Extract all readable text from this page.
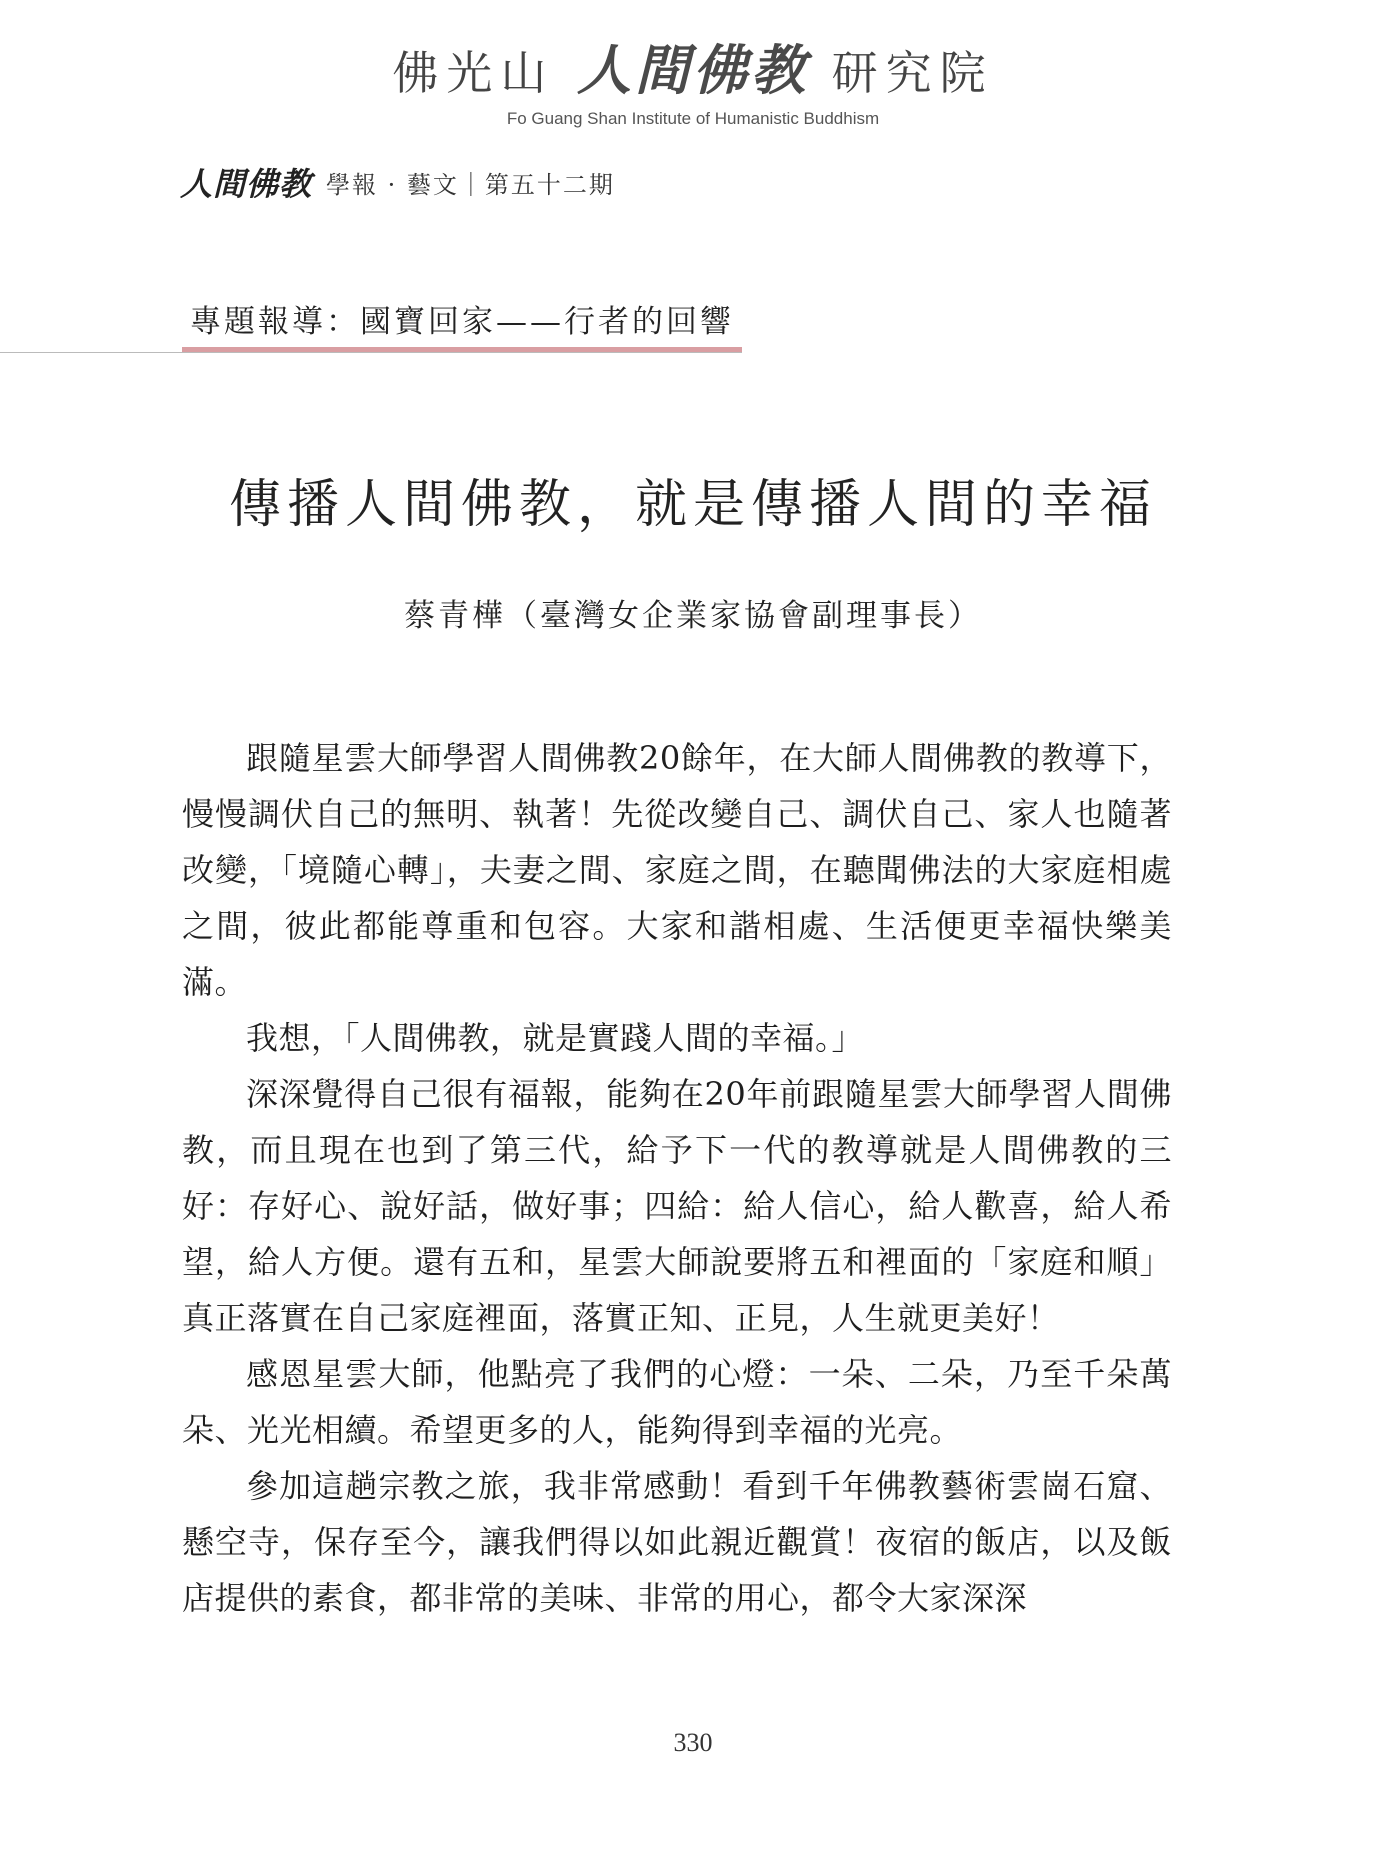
佛光山 人間佛教 研究院
Fo Guang Shan Institute of Humanistic Buddhism
人間佛教 學報 · 藝文｜第五十二期
專題報導：國寶回家——行者的回響
傳播人間佛教，就是傳播人間的幸福
蔡青樺（臺灣女企業家協會副理事長）

跟隨星雲大師學習人間佛教20餘年，在大師人間佛教的教導下，慢慢調伏自己的無明、執著！先從改變自己、調伏自己、家人也隨著改變，「境隨心轉」，夫妻之間、家庭之間，在聽聞佛法的大家庭相處之間，彼此都能尊重和包容。大家和諧相處、生活便更幸福快樂美滿。

我想，「人間佛教，就是實踐人間的幸福。」

深深覺得自己很有福報，能夠在20年前跟隨星雲大師學習人間佛教，而且現在也到了第三代，給予下一代的教導就是人間佛教的三好：存好心、說好話，做好事；四給：給人信心，給人歡喜，給人希望，給人方便。還有五和，星雲大師說要將五和裡面的「家庭和順」真正落實在自己家庭裡面，落實正知、正見，人生就更美好！

感恩星雲大師，他點亮了我們的心燈：一朵、二朵，乃至千朵萬朵、光光相續。希望更多的人，能夠得到幸福的光亮。

參加這趟宗教之旅，我非常感動！看到千年佛教藝術雲崗石窟、懸空寺，保存至今，讓我們得以如此親近觀賞！夜宿的飯店，以及飯店提供的素食，都非常的美味、非常的用心，都令大家深深

330
